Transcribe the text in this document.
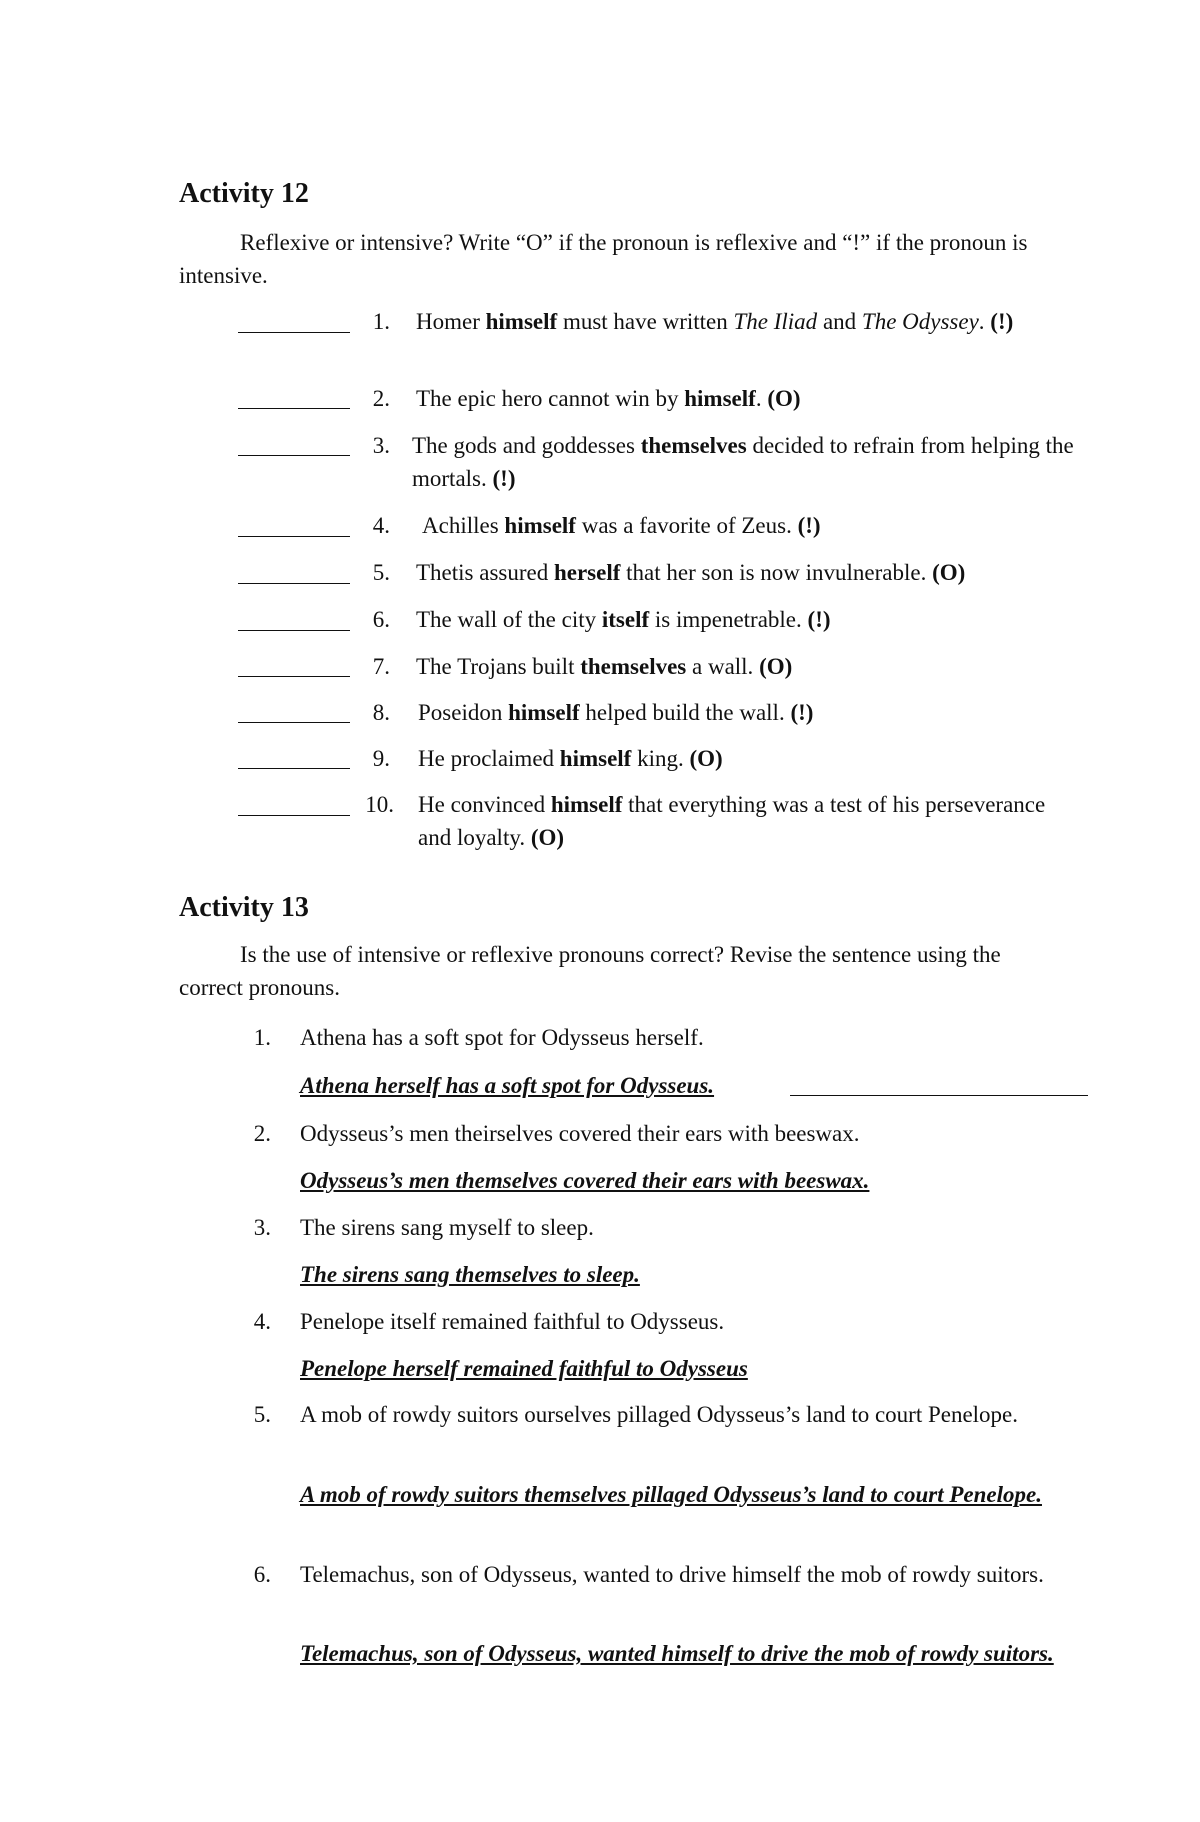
Activity 12

Reflexive or intensive? Write “O” if the pronoun is reflexive and “!” if the pronoun is intensive.

1. Homer himself must have written The Iliad and The Odyssey. (!)
2. The epic hero cannot win by himself. (O)
3. The gods and goddesses themselves decided to refrain from helping the mortals. (!)
4. Achilles himself was a favorite of Zeus. (!)
5. Thetis assured herself that her son is now invulnerable. (O)
6. The wall of the city itself is impenetrable. (!)
7. The Trojans built themselves a wall. (O)
8. Poseidon himself helped build the wall. (!)
9. He proclaimed himself king. (O)
10. He convinced himself that everything was a test of his perseverance and loyalty. (O)
Activity 13

Is the use of intensive or reflexive pronouns correct? Revise the sentence using the correct pronouns.

1. Athena has a soft spot for Odysseus herself.
Athena herself has a soft spot for Odysseus.
2. Odysseus’s men theirselves covered their ears with beeswax.
Odysseus’s men themselves covered their ears with beeswax.
3. The sirens sang myself to sleep.
The sirens sang themselves to sleep.
4. Penelope itself remained faithful to Odysseus.
Penelope herself remained faithful to Odysseus
5. A mob of rowdy suitors ourselves pillaged Odysseus’s land to court Penelope.
A mob of rowdy suitors themselves pillaged Odysseus’s land to court Penelope.
6. Telemachus, son of Odysseus, wanted to drive himself the mob of rowdy suitors.
Telemachus, son of Odysseus, wanted himself to drive the mob of rowdy suitors.
